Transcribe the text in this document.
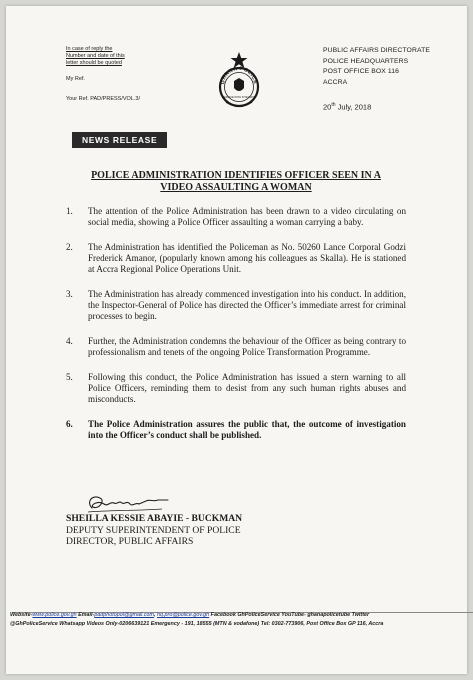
In case of reply the
Number and date of this
letter should be quoted
My Ref.
Your Ref. PAD/PRESS/VOL.3/
GHANA POLICE
SERVICE WITH INTEGRITY
PUBLIC AFFAIRS DIRECTORATE
POLICE HEADQUARTERS
POST OFFICE BOX 116
ACCRA
20th July, 2018
NEWS RELEASE
POLICE ADMINISTRATION IDENTIFIES OFFICER SEEN IN A
VIDEO ASSAULTING A WOMAN
1.	The attention of the Police Administration has been drawn to a video circulating on social media, showing a Police Officer assaulting a woman carrying a baby.
2.	The Administration has identified the Policeman as No. 50260 Lance Corporal Godzi Frederick Amanor, (popularly known among his colleagues as Skalla). He is stationed at Accra Regional Police Operations Unit.
3.	The Administration has already commenced investigation into his conduct. In addition, the Inspector-General of Police has directed the Officer’s immediate arrest for criminal processes to begin.
4.	Further, the Administration condemns the behaviour of the Officer as being contrary to professionalism and tenets of the ongoing Police Transformation Programme.
5.	Following this conduct, the Police Administration has issued a stern warning to all Police Officers, reminding them to desist from any such human rights abuses and misconducts.
6.	The Police Administration assures the public that, the outcome of investigation into the Officer’s conduct shall be published.
SHEILLA KESSIE ABAYIE - BUCKMAN
DEPUTY SUPERINTENDENT OF POLICE
DIRECTOR, PUBLIC AFFAIRS
Website-www.police.gov.gh Email-padphotopol@gmail.com, hq.pro@police.gov.gh Facebook GhPoliceService YouTube- ghanapolicetube Twitter
@GhPoliceService Whatsapp Videos Only-0206639121 Emergency - 191, 18555 (MTN & vodafone) Tel: 0302-773906, Post Office Box GP 116, Accra
